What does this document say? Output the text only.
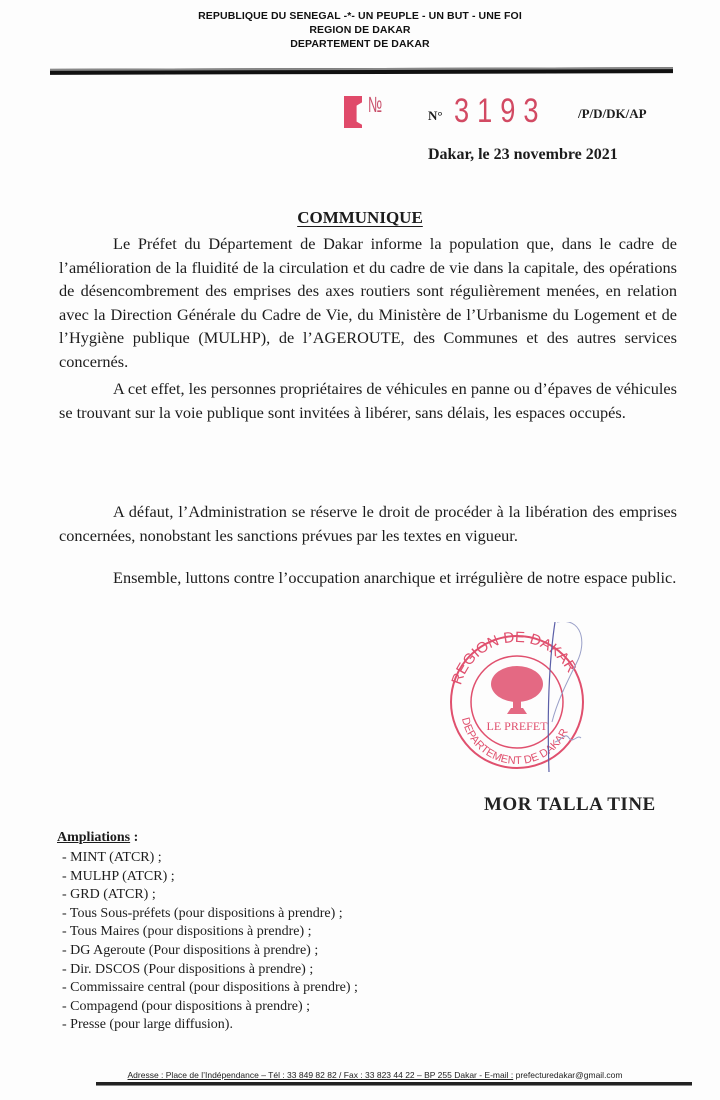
REPUBLIQUE DU SENEGAL -*- UN PEUPLE - UN BUT - UNE FOI
REGION DE DAKAR
DEPARTEMENT DE DAKAR
№	N° 3193 /P/D/DK/AP
Dakar, le 23 novembre 2021
COMMUNIQUE
Le Préfet du Département de Dakar informe la population que, dans le cadre de l’amélioration de la fluidité de la circulation et du cadre de vie dans la capitale, des opérations de désencombrement des emprises des axes routiers sont régulièrement menées, en relation avec la Direction Générale du Cadre de Vie, du Ministère de l’Urbanisme du Logement et de l’Hygiène publique (MULHP), de l’AGEROUTE, des Communes et des autres services concernés.
A cet effet, les personnes propriétaires de véhicules en panne ou d’épaves de véhicules se trouvant sur la voie publique sont invitées à libérer, sans délais, les espaces occupés.
A défaut, l’Administration se réserve le droit de procéder à la libération des emprises concernées, nonobstant les sanctions prévues par les textes en vigueur.
Ensemble, luttons contre l’occupation anarchique et irrégulière de notre espace public.
REGION DE DAKAR
DEPARTEMENT DE DAKAR
LE PREFET
MOR TALLA TINE
Ampliations :
- MINT (ATCR) ;
- MULHP (ATCR) ;
- GRD (ATCR) ;
- Tous Sous-préfets (pour dispositions à prendre) ;
- Tous Maires (pour dispositions à prendre) ;
- DG Ageroute (Pour dispositions à prendre) ;
- Dir. DSCOS (Pour dispositions à prendre) ;
- Commissaire central (pour dispositions à prendre) ;
- Compagend (pour dispositions à prendre) ;
- Presse (pour large diffusion).
Adresse : Place de l’Indépendance – Tél : 33 849 82 82 / Fax : 33 823 44 22 – BP 255 Dakar - E-mail : prefecturedakar@gmail.com
